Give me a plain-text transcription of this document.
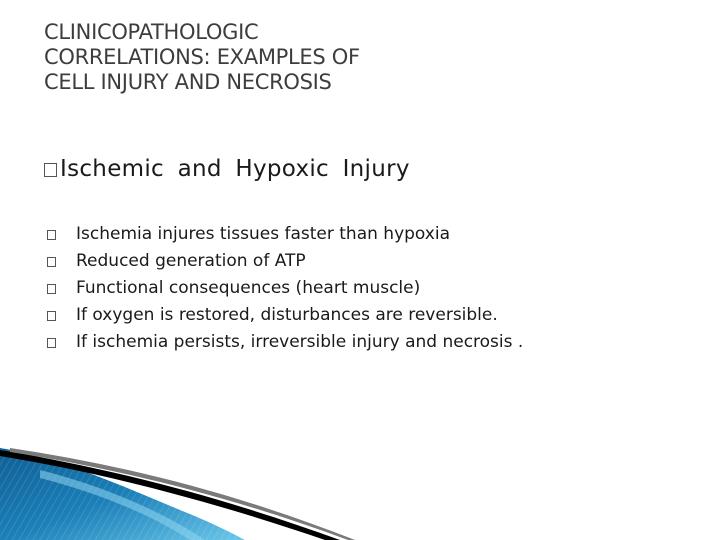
CLINICOPATHOLOGIC
CORRELATIONS: EXAMPLES OF
CELL INJURY AND NECROSIS
Ischemic and Hypoxic Injury
Ischemia injures tissues faster than hypoxia
Reduced generation of ATP
Functional consequences (heart muscle)
If oxygen is restored, disturbances are reversible.
If ischemia persists, irreversible injury and necrosis .
